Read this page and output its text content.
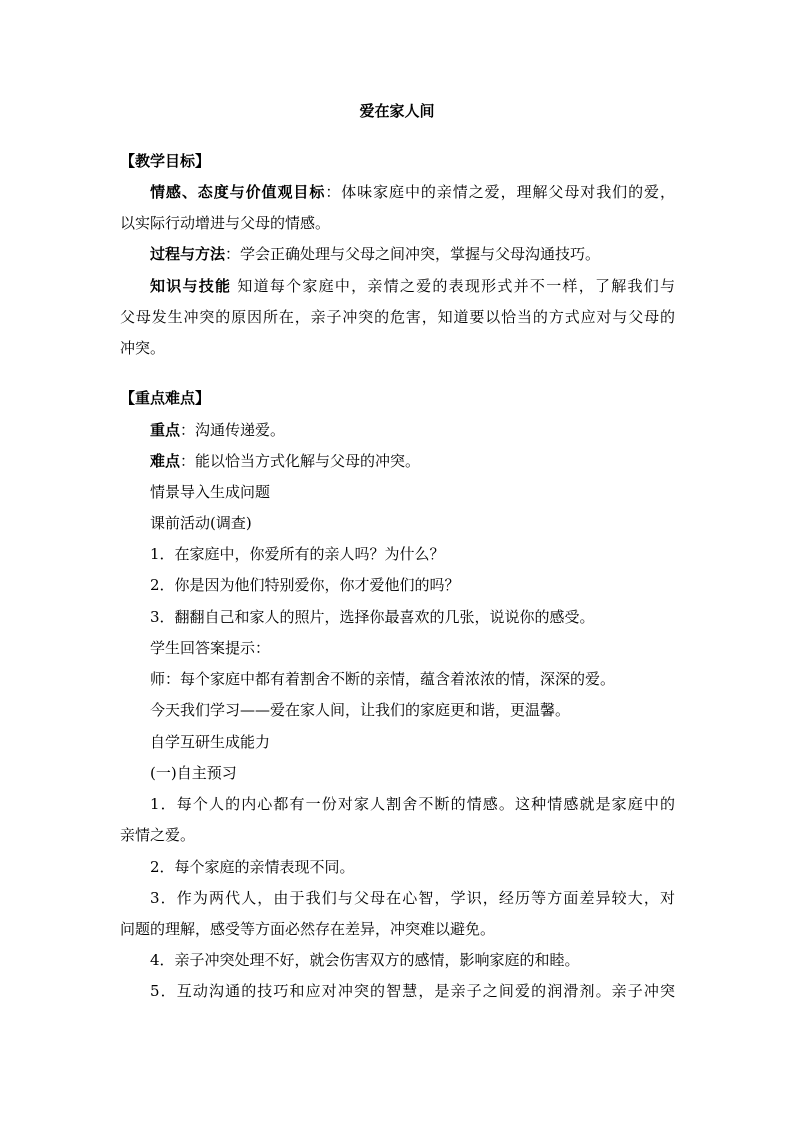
爱在家人间
【教学目标】
情感、态度与价值观目标：体味家庭中的亲情之爱，理解父母对我们的爱，
以实际行动增进与父母的情感。
过程与方法：学会正确处理与父母之间冲突，掌握与父母沟通技巧。
知识与技能 知道每个家庭中，亲情之爱的表现形式并不一样，了解我们与
父母发生冲突的原因所在，亲子冲突的危害，知道要以恰当的方式应对与父母的
冲突。
【重点难点】
重点：沟通传递爱。
难点：能以恰当方式化解与父母的冲突。
情景导入生成问题
课前活动(调查)
1．在家庭中，你爱所有的亲人吗？为什么？
2．你是因为他们特别爱你，你才爱他们的吗？
3．翻翻自己和家人的照片，选择你最喜欢的几张，说说你的感受。
学生回答案提示：
师：每个家庭中都有着割舍不断的亲情，蕴含着浓浓的情，深深的爱。
今天我们学习——爱在家人间，让我们的家庭更和谐，更温馨。
自学互研生成能力
(一)自主预习
1．每个人的内心都有一份对家人割舍不断的情感。这种情感就是家庭中的
亲情之爱。
2．每个家庭的亲情表现不同。
3．作为两代人，由于我们与父母在心智，学识，经历等方面差异较大，对
问题的理解，感受等方面必然存在差异，冲突难以避免。
4．亲子冲突处理不好，就会伤害双方的感情，影响家庭的和睦。
5．互动沟通的技巧和应对冲突的智慧，是亲子之间爱的润滑剂。亲子冲突
